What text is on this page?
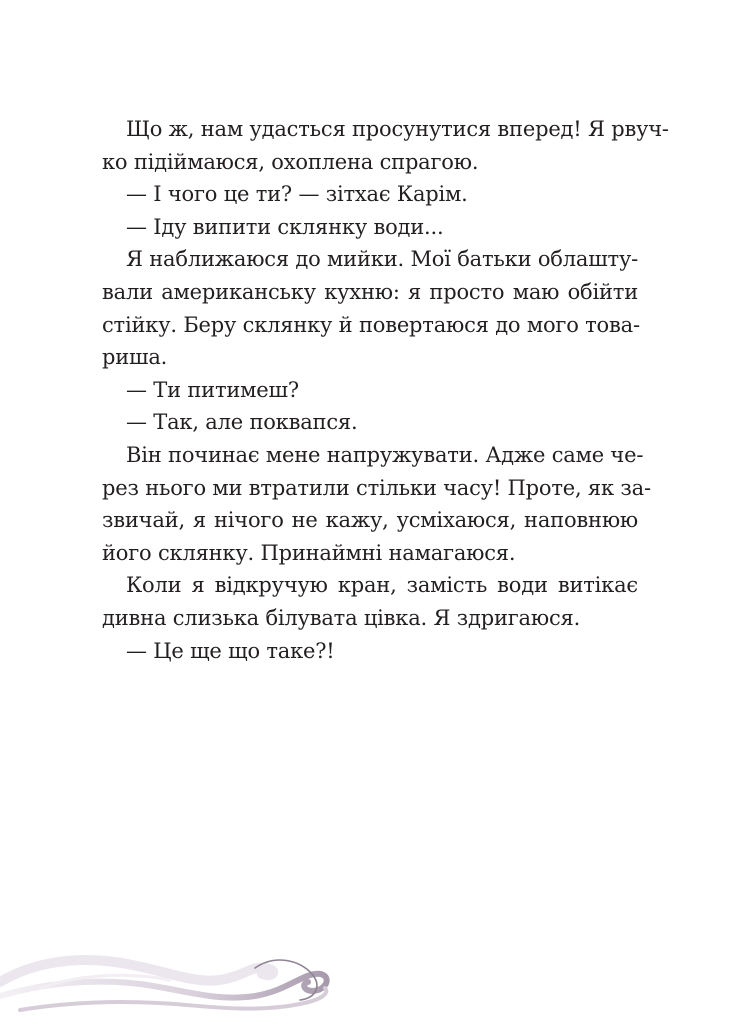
Що ж, нам удасться просунутися вперед! Я рвуч-
ко підіймаюся, охоплена спрагою.
— І чого це ти? — зітхає Карім.
— Іду випити склянку води...
Я наближаюся до мийки. Мої батьки облашту-
вали американську кухню: я просто маю обійти
стійку. Беру склянку й повертаюся до мого това-
риша.
— Ти питимеш?
— Так, але поквапся.
Він починає мене напружувати. Адже саме че-
рез нього ми втратили стільки часу! Проте, як за-
звичай, я нічого не кажу, усміхаюся, наповнюю
його склянку. Принаймні намагаюся.
Коли я відкручую кран, замість води витікає
дивна слизька білувата цівка. Я здригаюся.
— Це ще що таке?!
